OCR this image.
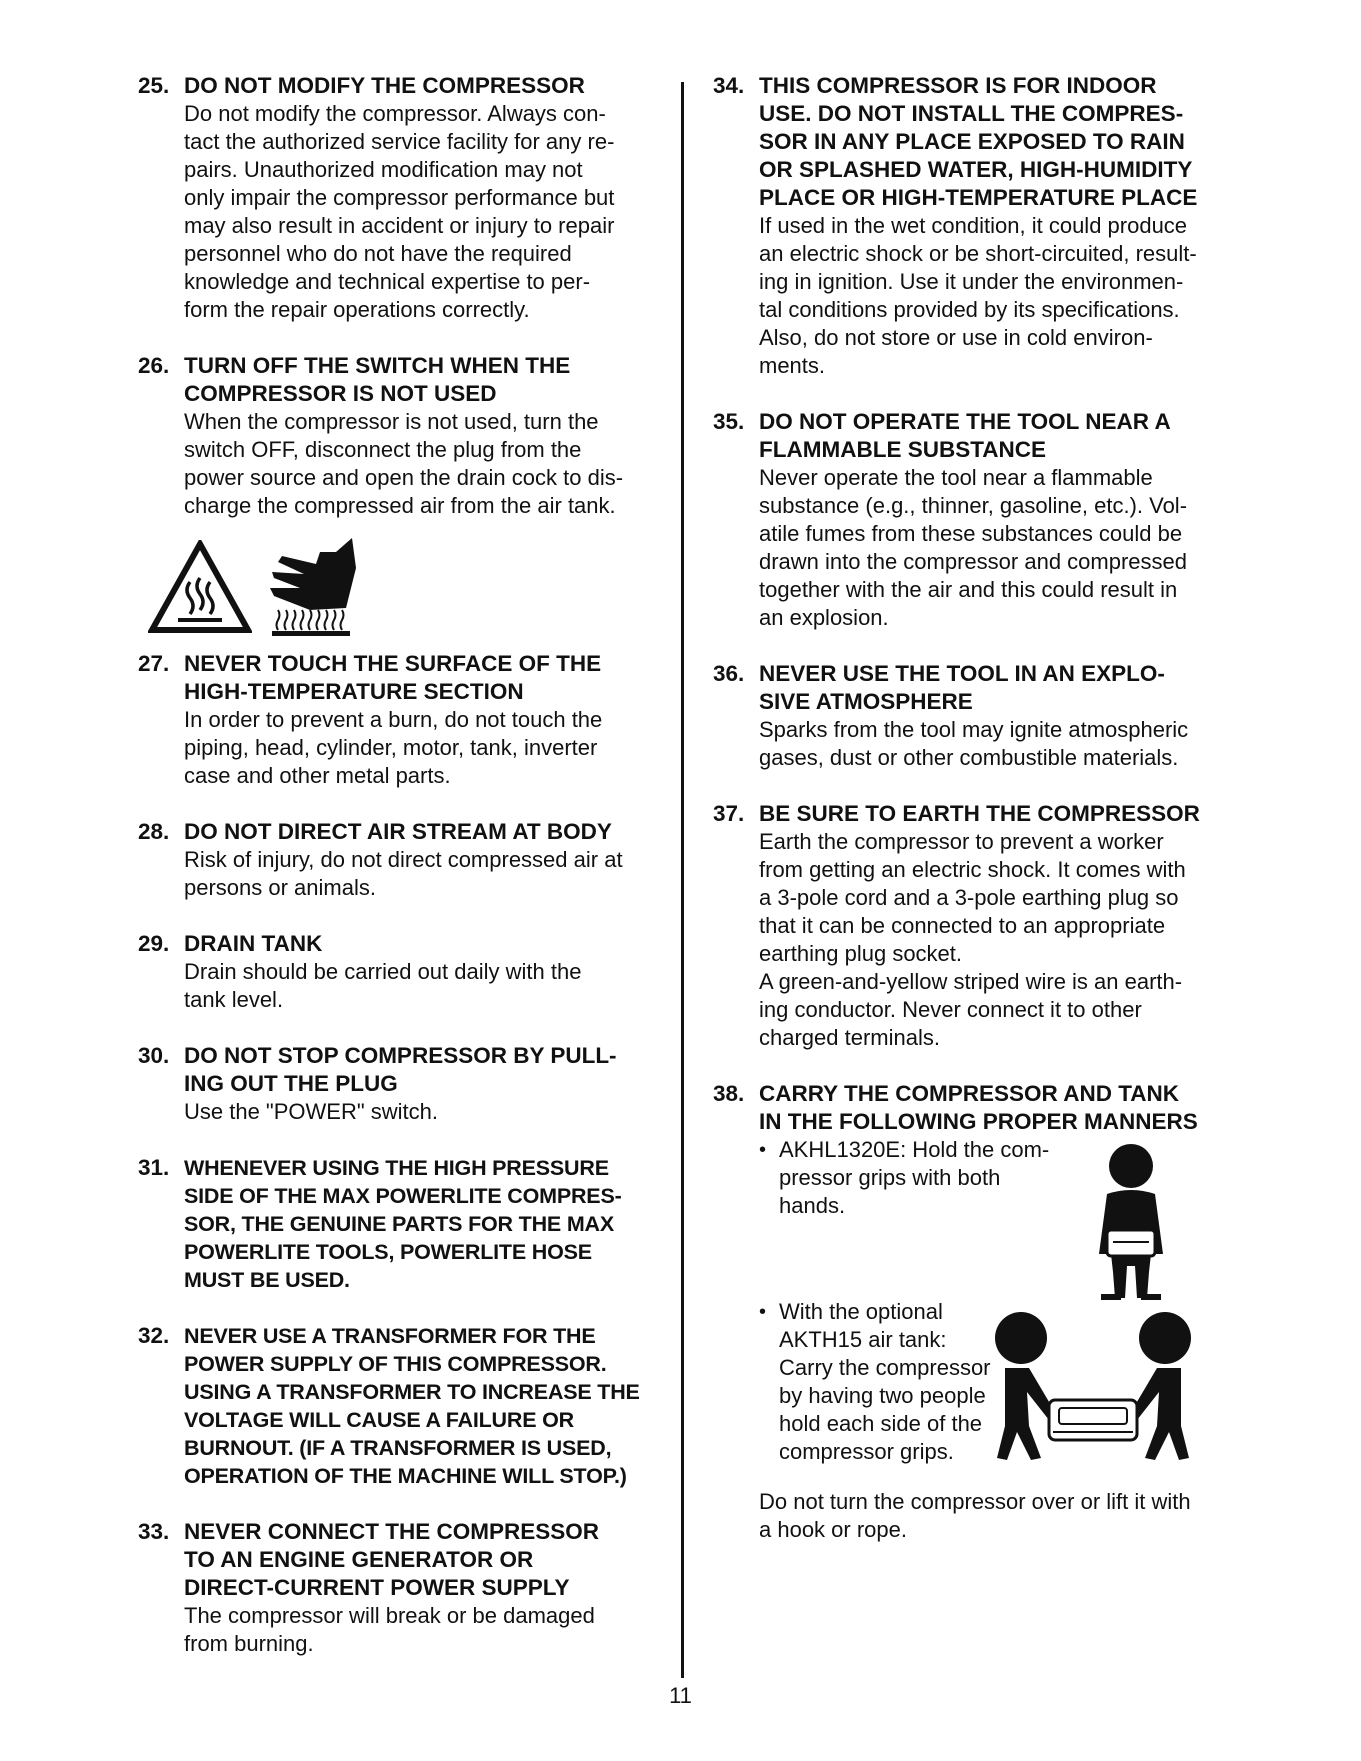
25. DO NOT MODIFY THE COMPRESSOR
Do not modify the compressor. Always con-
tact the authorized service facility for any re-
pairs. Unauthorized modification may not
only impair the compressor performance but
may also result in accident or injury to repair
personnel who do not have the required
knowledge and technical expertise to per-
form the repair operations correctly.
26. TURN OFF THE SWITCH WHEN THE
COMPRESSOR IS NOT USED
When the compressor is not used, turn the
switch OFF, disconnect the plug from the
power source and open the drain cock to dis-
charge the compressed air from the air tank.
27. NEVER TOUCH THE SURFACE OF THE
HIGH-TEMPERATURE SECTION
In order to prevent a burn, do not touch the
piping, head, cylinder, motor, tank, inverter
case and other metal parts.
28. DO NOT DIRECT AIR STREAM AT BODY
Risk of injury, do not direct compressed air at
persons or animals.
29. DRAIN TANK
Drain should be carried out daily with the
tank level.
30. DO NOT STOP COMPRESSOR BY PULL-
ING OUT THE PLUG
Use the "POWER" switch.
31. WHENEVER USING THE HIGH PRESSURE
SIDE OF THE MAX POWERLITE COMPRES-
SOR, THE GENUINE PARTS FOR THE MAX
POWERLITE TOOLS, POWERLITE HOSE
MUST BE USED.
32. NEVER USE A TRANSFORMER FOR THE
POWER SUPPLY OF THIS COMPRESSOR.
USING A TRANSFORMER TO INCREASE THE
VOLTAGE WILL CAUSE A FAILURE OR
BURNOUT. (IF A TRANSFORMER IS USED,
OPERATION OF THE MACHINE WILL STOP.)
33. NEVER CONNECT THE COMPRESSOR
TO AN ENGINE GENERATOR OR
DIRECT-CURRENT POWER SUPPLY
The compressor will break or be damaged
from burning.
34. THIS COMPRESSOR IS FOR INDOOR
USE. DO NOT INSTALL THE COMPRES-
SOR IN ANY PLACE EXPOSED TO RAIN
OR SPLASHED WATER, HIGH-HUMIDITY
PLACE OR HIGH-TEMPERATURE PLACE
If used in the wet condition, it could produce
an electric shock or be short-circuited, result-
ing in ignition. Use it under the environmen-
tal conditions provided by its specifications.
Also, do not store or use in cold environ-
ments.
35. DO NOT OPERATE THE TOOL NEAR A
FLAMMABLE SUBSTANCE
Never operate the tool near a flammable
substance (e.g., thinner, gasoline, etc.). Vol-
atile fumes from these substances could be
drawn into the compressor and compressed
together with the air and this could result in
an explosion.
36. NEVER USE THE TOOL IN AN EXPLO-
SIVE ATMOSPHERE
Sparks from the tool may ignite atmospheric
gases, dust or other combustible materials.
37. BE SURE TO EARTH THE COMPRESSOR
Earth the compressor to prevent a worker
from getting an electric shock. It comes with
a 3-pole cord and a 3-pole earthing plug so
that it can be connected to an appropriate
earthing plug socket.
A green-and-yellow striped wire is an earth-
ing conductor. Never connect it to other
charged terminals.
38. CARRY THE COMPRESSOR AND TANK
IN THE FOLLOWING PROPER MANNERS
• AKHL1320E: Hold the com-
pressor grips with both
hands.
• With the optional
AKTH15 air tank:
Carry the compressor
by having two people
hold each side of the
compressor grips.
Do not turn the compressor over or lift it with
a hook or rope.
11
